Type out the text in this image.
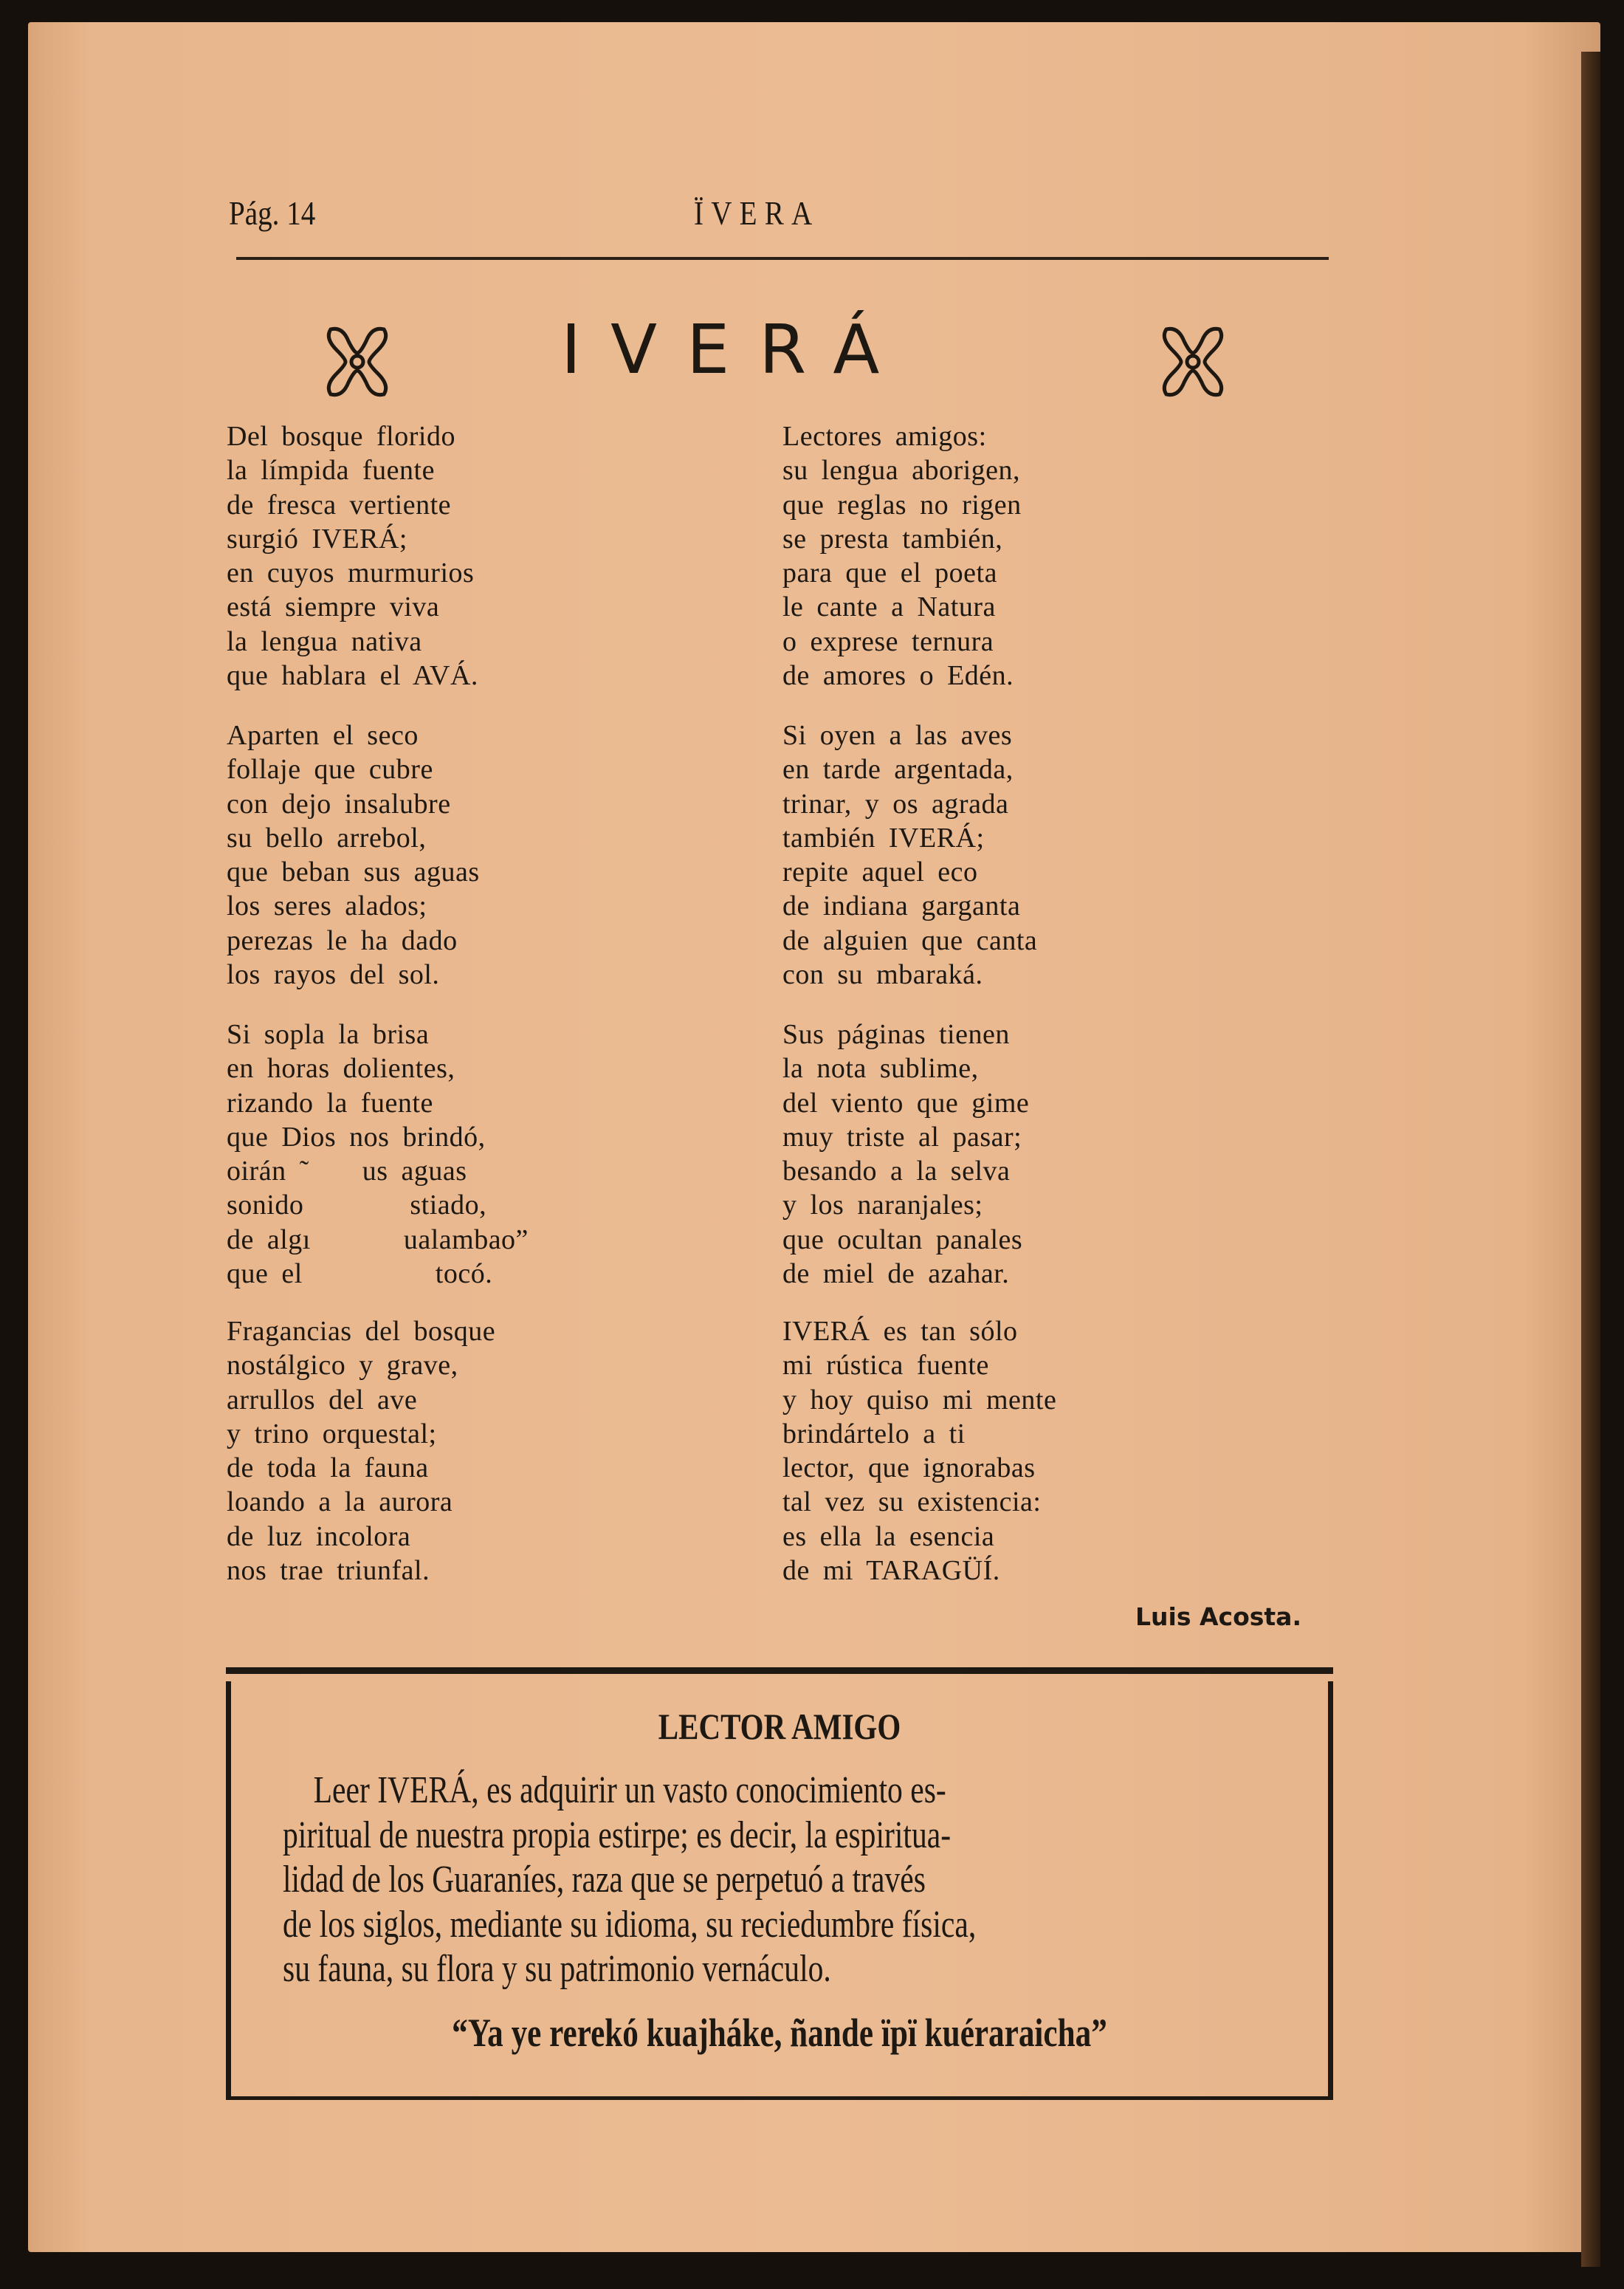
Pág. 14	ÏVERA
IVERÁ
Del bosque florido
la límpida fuente
de fresca vertiente
surgió IVERÁ;
en cuyos murmurios
está siempre viva
la lengua nativa
que hablara el AVÁ.
Aparten el seco
follaje que cubre
con dejo insalubre
su bello arrebol,
que beban sus aguas
los seres alados;
perezas le ha dado
los rayos del sol.
Si sopla la brisa
en horas dolientes,
rizando la fuente
que Dios nos brindó,
oirán ˜    us aguas
sonido        stiado,
de algı       ualambao”
que el          tocó.
Fragancias del bosque
nostálgico y grave,
arrullos del ave
y trino orquestal;
de toda la fauna
loando a la aurora
de luz incolora
nos trae triunfal.
Lectores amigos:
su lengua aborigen,
que reglas no rigen
se presta también,
para que el poeta
le cante a Natura
o exprese ternura
de amores o Edén.
Si oyen a las aves
en tarde argentada,
trinar, y os agrada
también IVERÁ;
repite aquel eco
de indiana garganta
de alguien que canta
con su mbaraká.
Sus páginas tienen
la nota sublime,
del viento que gime
muy triste al pasar;
besando a la selva
y los naranjales;
que ocultan panales
de miel de azahar.
IVERÁ es tan sólo
mi rústica fuente
y hoy quiso mi mente
brindártelo a ti
lector, que ignorabas
tal vez su existencia:
es ella la esencia
de mi TARAGÜÍ.
Luis Acosta.
LECTOR AMIGO
Leer IVERÁ, es adquirir un vasto conocimiento es-
piritual de nuestra propia estirpe; es decir, la espiritua-
lidad de los Guaraníes, raza que se perpetuó a través
de los siglos, mediante su idioma, su reciedumbre física,
su fauna, su flora y su patrimonio vernáculo.
“Ya ye rerekó kuajháke, ñande ïpï kuéraraicha”
